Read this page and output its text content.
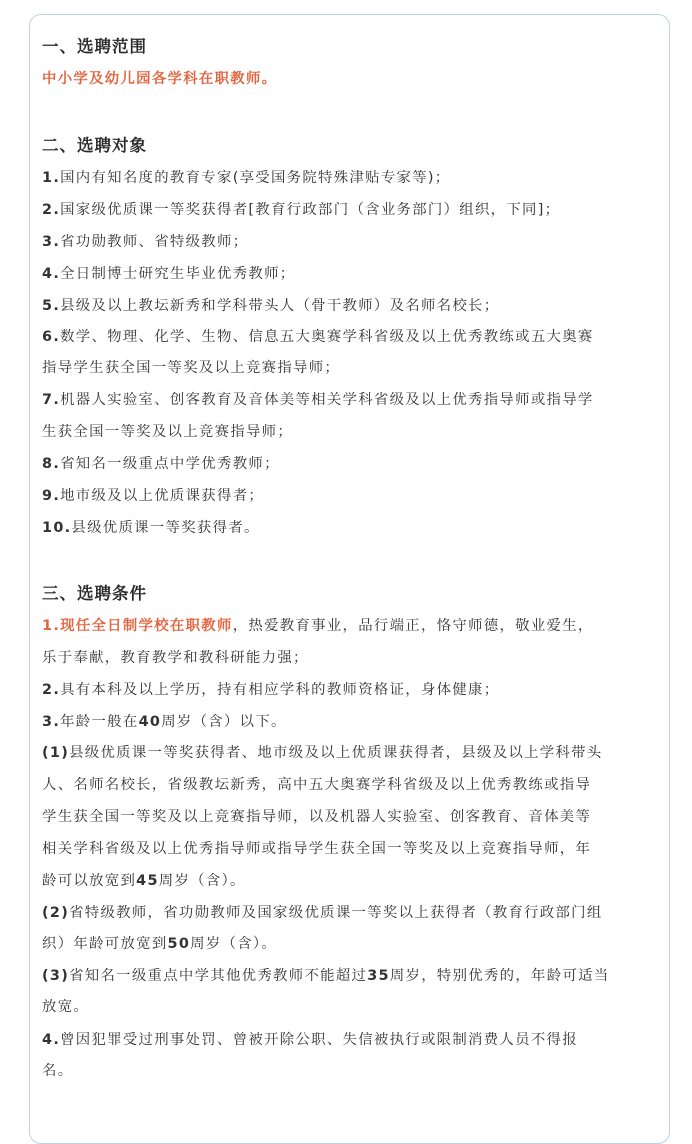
一、选聘范围
中小学及幼儿园各学科在职教师。
二、选聘对象
1.国内有知名度的教育专家(享受国务院特殊津贴专家等)；
2.国家级优质课一等奖获得者[教育行政部门（含业务部门）组织，下同]；
3.省功勋教师、省特级教师；
4.全日制博士研究生毕业优秀教师；
5.县级及以上教坛新秀和学科带头人（骨干教师）及名师名校长；
6.数学、物理、化学、生物、信息五大奥赛学科省级及以上优秀教练或五大奥赛
指导学生获全国一等奖及以上竞赛指导师；
7.机器人实验室、创客教育及音体美等相关学科省级及以上优秀指导师或指导学
生获全国一等奖及以上竞赛指导师；
8.省知名一级重点中学优秀教师；
9.地市级及以上优质课获得者；
10.县级优质课一等奖获得者。
三、选聘条件
1.现任全日制学校在职教师，热爱教育事业，品行端正，恪守师德，敬业爱生，
乐于奉献，教育教学和教科研能力强；
2.具有本科及以上学历，持有相应学科的教师资格证，身体健康；
3.年龄一般在40周岁（含）以下。
(1)县级优质课一等奖获得者、地市级及以上优质课获得者，县级及以上学科带头
人、名师名校长，省级教坛新秀，高中五大奥赛学科省级及以上优秀教练或指导
学生获全国一等奖及以上竞赛指导师，以及机器人实验室、创客教育、音体美等
相关学科省级及以上优秀指导师或指导学生获全国一等奖及以上竞赛指导师，年
龄可以放宽到45周岁（含）。
(2)省特级教师，省功勋教师及国家级优质课一等奖以上获得者（教育行政部门组
织）年龄可放宽到50周岁（含）。
(3)省知名一级重点中学其他优秀教师不能超过35周岁，特别优秀的，年龄可适当
放宽。
4.曾因犯罪受过刑事处罚、曾被开除公职、失信被执行或限制消费人员不得报
名。
